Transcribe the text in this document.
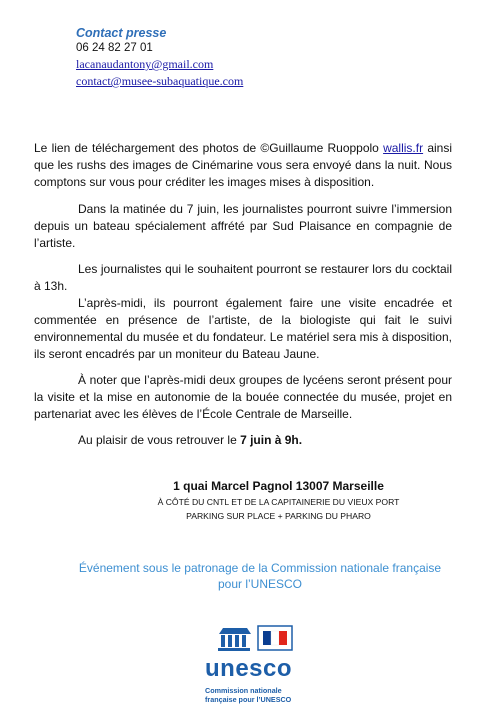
Contact presse
06 24 82 27 01
lacanaudantony@gmail.com
contact@musee-subaquatique.com

Le lien de téléchargement des photos de ©Guillaume Ruoppolo wallis.fr ainsi que les rushs des images de Cinémarine vous sera envoyé dans la nuit. Nous comptons sur vous pour créditer les images mises à disposition.

Dans la matinée du 7 juin, les journalistes pourront suivre l’immersion depuis un bateau spécialement affrété par Sud Plaisance en compagnie de l’artiste.

Les journalistes qui le souhaitent pourront se restaurer lors du cocktail à 13h.

L’après-midi, ils pourront également faire une visite encadrée et commentée en présence de l’artiste, de la biologiste qui fait le suivi environnemental du musée et du fondateur. Le matériel sera mis à disposition, ils seront encadrés par un moniteur du Bateau Jaune.

À noter que l’après-midi deux groupes de lycéens seront présent pour la visite et la mise en autonomie de la bouée connectée du musée, projet en partenariat avec les élèves de l’École Centrale de Marseille.

Au plaisir de vous retrouver le 7 juin à 9h.

1 quai Marcel Pagnol 13007 Marseille
À CÔTÉ DU CNTL ET DE LA CAPITAINERIE DU VIEUX PORT
PARKING SUR PLACE + PARKING DU PHARO
Événement sous le patronage de la Commission nationale française
pour l’UNESCO
unesco
Commission nationale
française pour l’UNESCO
